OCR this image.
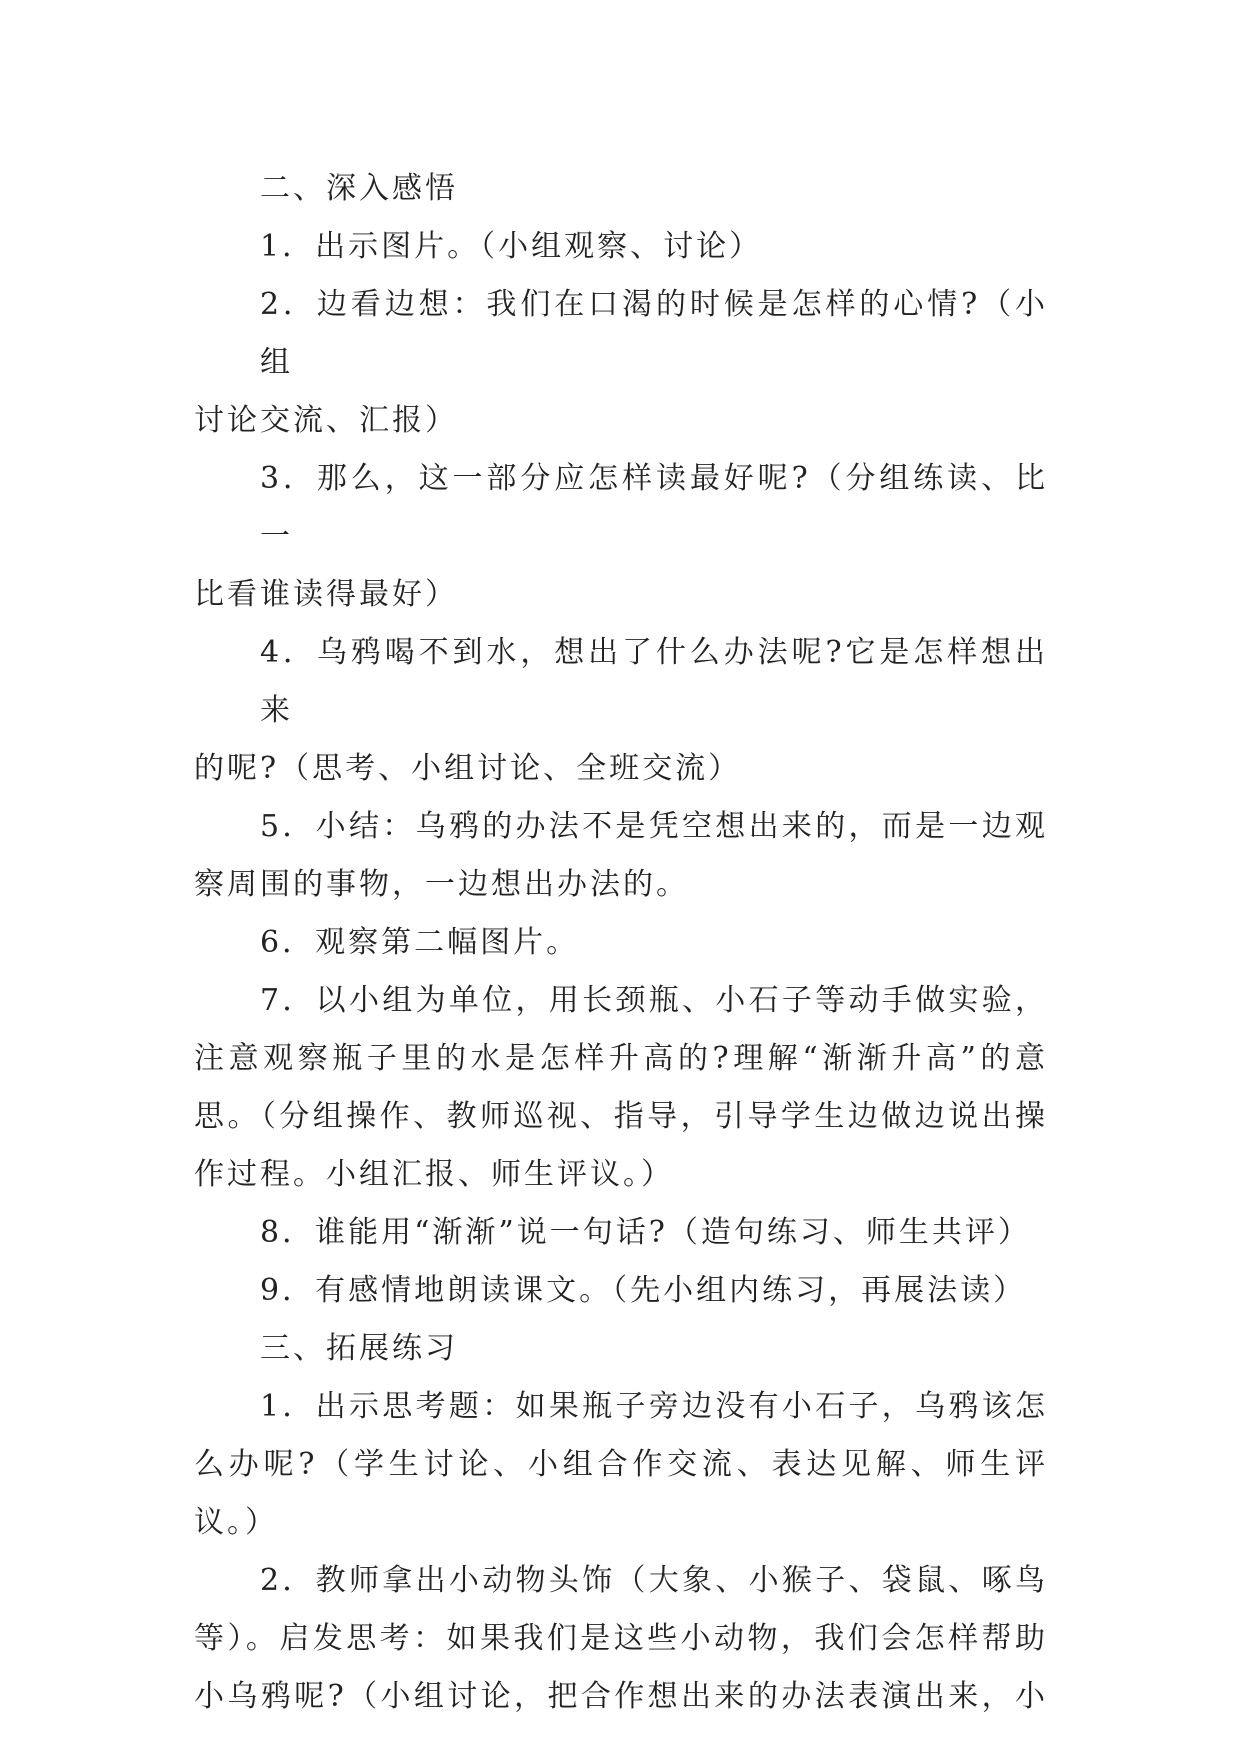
二、深入感悟
1．出示图片。（小组观察、讨论）
2．边看边想：我们在口渴的时候是怎样的心情?（小组
讨论交流、汇报）
3．那么，这一部分应怎样读最好呢?（分组练读、比一
比看谁读得最好）
4．乌鸦喝不到水，想出了什么办法呢?它是怎样想出来
的呢?（思考、小组讨论、全班交流）
5．小结：乌鸦的办法不是凭空想出来的，而是一边观
察周围的事物，一边想出办法的。
6．观察第二幅图片。
7．以小组为单位，用长颈瓶、小石子等动手做实验，
注意观察瓶子里的水是怎样升高的?理解“渐渐升高”的意
思。（分组操作、教师巡视、指导，引导学生边做边说出操
作过程。小组汇报、师生评议。）
8．谁能用“渐渐”说一句话?（造句练习、师生共评）
9．有感情地朗读课文。（先小组内练习，再展法读）
三、拓展练习
1．出示思考题：如果瓶子旁边没有小石子，乌鸦该怎
么办呢?（学生讨论、小组合作交流、表达见解、师生评
议。）
2．教师拿出小动物头饰（大象、小猴子、袋鼠、啄鸟
等）。启发思考：如果我们是这些小动物，我们会怎样帮助
小乌鸦呢?（小组讨论，把合作想出来的办法表演出来，小
